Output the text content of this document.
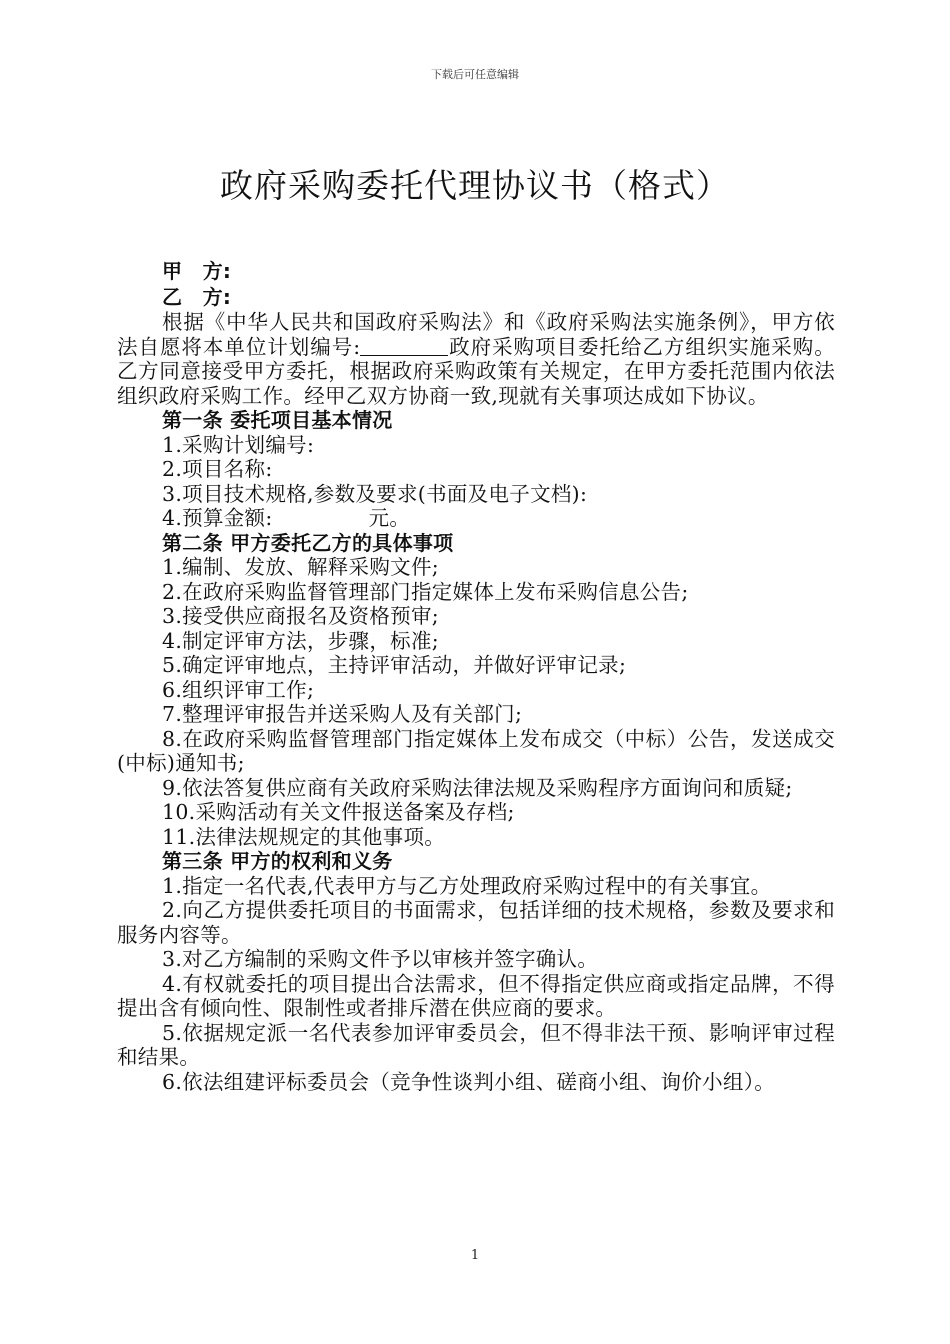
下载后可任意编辑
政府采购委托代理协议书（格式）

甲　方:

乙　方:

根据《中华人民共和国政府采购法》和《政府采购法实施条例》，甲方依法自愿将本单位计划编号:	政府采购项目委托给乙方组织实施采购。乙方同意接受甲方委托，根据政府采购政策有关规定，在甲方委托范围内依法组织政府采购工作。经甲乙双方协商一致,现就有关事项达成如下协议。

第一条 委托项目基本情况

1.采购计划编号:

2.项目名称:

3.项目技术规格,参数及要求(书面及电子文档):

4.预算金额:	元。

第二条 甲方委托乙方的具体事项

1.编制、发放、解释采购文件;

2.在政府采购监督管理部门指定媒体上发布采购信息公告;

3.接受供应商报名及资格预审;

4.制定评审方法，步骤，标准;

5.确定评审地点，主持评审活动，并做好评审记录;

6.组织评审工作;

7.整理评审报告并送采购人及有关部门;

8.在政府采购监督管理部门指定媒体上发布成交（中标）公告，发送成交(中标)通知书;

9.依法答复供应商有关政府采购法律法规及采购程序方面询问和质疑;

10.采购活动有关文件报送备案及存档;

11.法律法规规定的其他事项。

第三条 甲方的权利和义务

1.指定一名代表,代表甲方与乙方处理政府采购过程中的有关事宜。

2.向乙方提供委托项目的书面需求，包括详细的技术规格，参数及要求和服务内容等。

3.对乙方编制的采购文件予以审核并签字确认。

4.有权就委托的项目提出合法需求，但不得指定供应商或指定品牌，不得提出含有倾向性、限制性或者排斥潜在供应商的要求。

5.依据规定派一名代表参加评审委员会，但不得非法干预、影响评审过程和结果。

6.依法组建评标委员会（竞争性谈判小组、磋商小组、询价小组）。

1
